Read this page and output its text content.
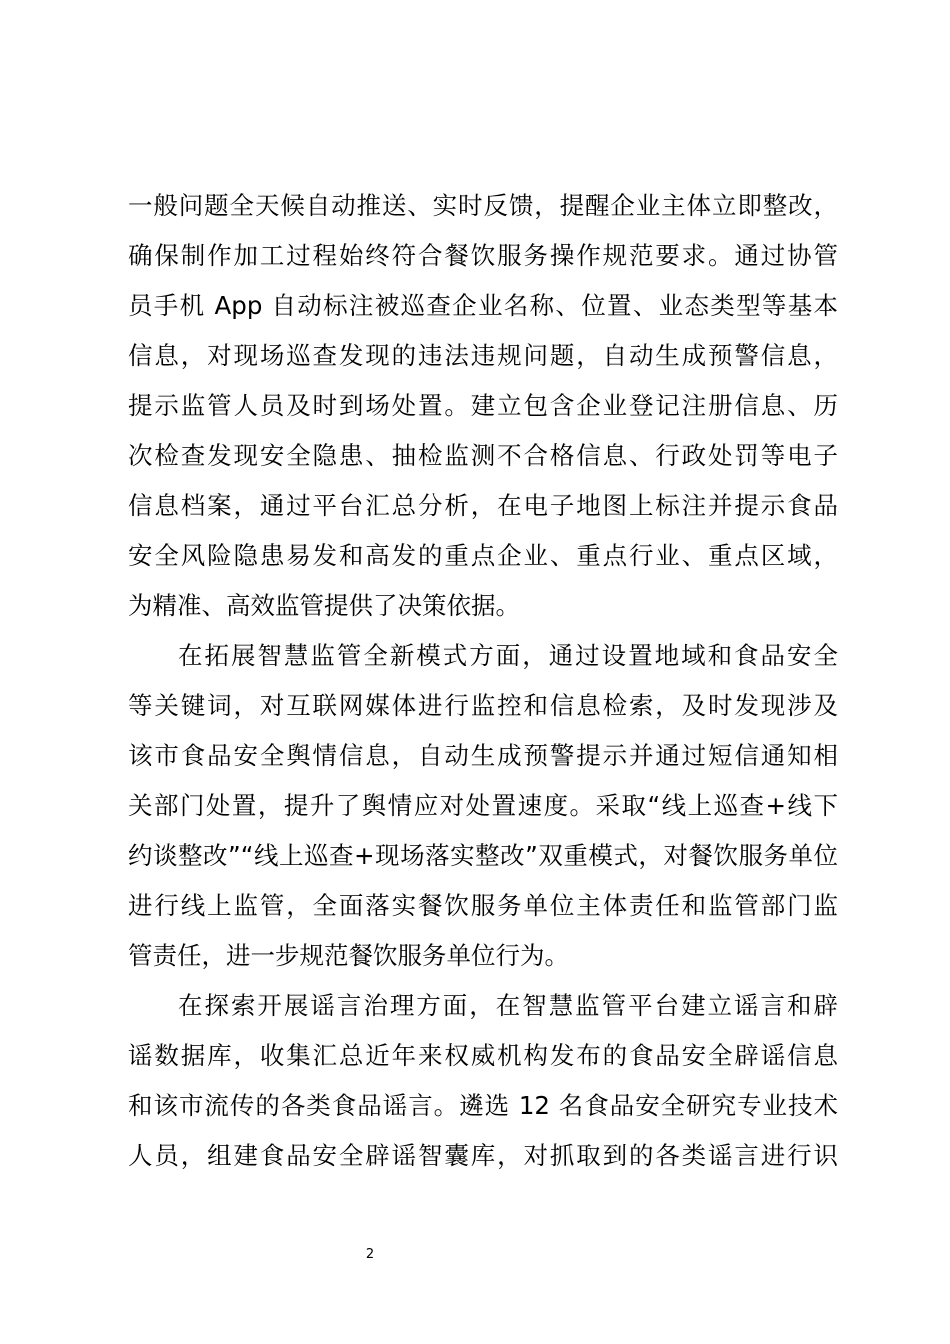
一般问题全天候自动推送、实时反馈，提醒企业主体立即整改，
确保制作加工过程始终符合餐饮服务操作规范要求。通过协管
员手机 App 自动标注被巡查企业名称、位置、业态类型等基本
信息，对现场巡查发现的违法违规问题，自动生成预警信息，
提示监管人员及时到场处置。建立包含企业登记注册信息、历
次检查发现安全隐患、抽检监测不合格信息、行政处罚等电子
信息档案，通过平台汇总分析，在电子地图上标注并提示食品
安全风险隐患易发和高发的重点企业、重点行业、重点区域，
为精准、高效监管提供了决策依据。
在拓展智慧监管全新模式方面，通过设置地域和食品安全
等关键词，对互联网媒体进行监控和信息检索，及时发现涉及
该市食品安全舆情信息，自动生成预警提示并通过短信通知相
关部门处置，提升了舆情应对处置速度。采取“线上巡查+线下
约谈整改”“线上巡查+现场落实整改”双重模式，对餐饮服务单位
进行线上监管，全面落实餐饮服务单位主体责任和监管部门监
管责任，进一步规范餐饮服务单位行为。
在探索开展谣言治理方面，在智慧监管平台建立谣言和辟
谣数据库，收集汇总近年来权威机构发布的食品安全辟谣信息
和该市流传的各类食品谣言。遴选 12 名食品安全研究专业技术
人员，组建食品安全辟谣智囊库，对抓取到的各类谣言进行识
2
